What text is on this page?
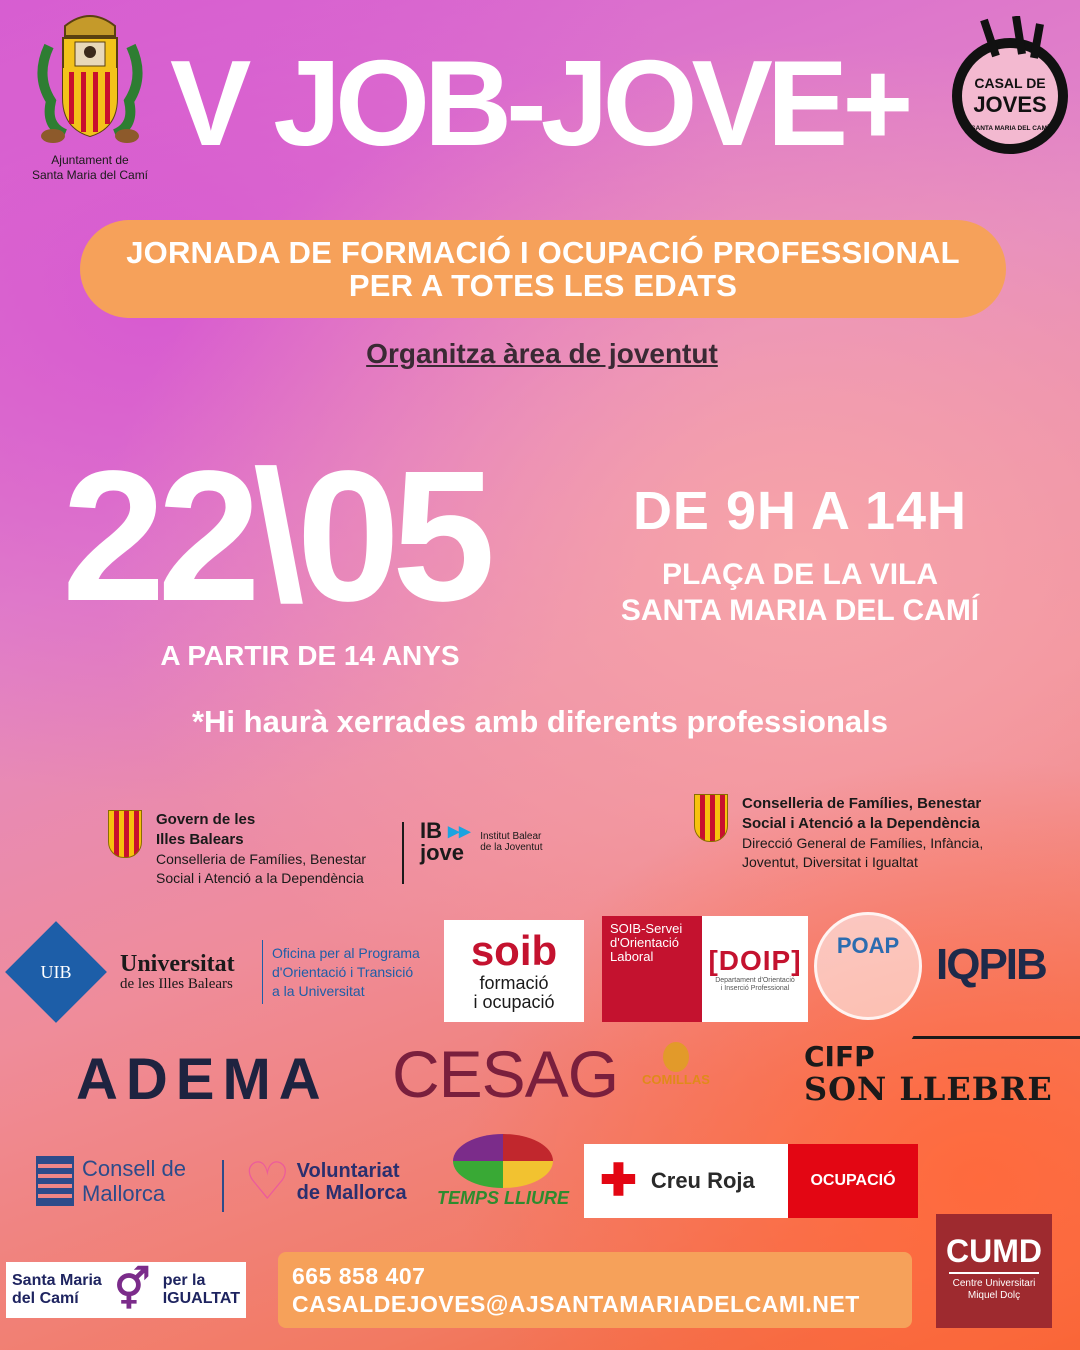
Ajuntament de
Santa Maria del Camí
V JOB-JOVE+	CASAL DE
JOVES
SANTA MARIA DEL CAMÍ
JORNADA DE FORMACIÓ I OCUPACIÓ PROFESSIONAL
PER A TOTES LES EDATS
Organitza àrea de joventut
22\05	DE 9H A 14H
PLAÇA DE LA VILA
SANTA MARIA DEL CAMÍ
A PARTIR DE 14 ANYS
*Hi haurà xerrades amb diferents professionals
Govern de les
Illes Balears
Conselleria de Famílies, Benestar
Social i Atenció a la Dependència
IB ▸▸
jove
Institut Balear
de la Joventut
Conselleria de Famílies, Benestar
Social i Atenció a la Dependència
Direcció General de Famílies, Infància,
Joventut, Diversitat i Igualtat
UIB Universitat
de les Illes Balears
Oficina per al Programa
d'Orientació i Transició
a la Universitat
soib
formació
i ocupació
SOIB-Servei
d'Orientació
Laboral	[DOIP]
Departament d'Orientació
i Inserció Professional
POAP IQPIB
ADEMA CESAG	COMILLAS
CIFP
SON LLEBRE
Consell de
Mallorca	♡ Voluntariat
de Mallorca TEMPS LLIURE ✚ Creu Roja	OCUPACIÓ
Santa Maria
del Camí ⚥ per la
IGUALTAT
665 858 407
CASALDEJOVES@AJSANTAMARIADELCAMI.NET
CUMD
Centre Universitari
Miquel Dolç
